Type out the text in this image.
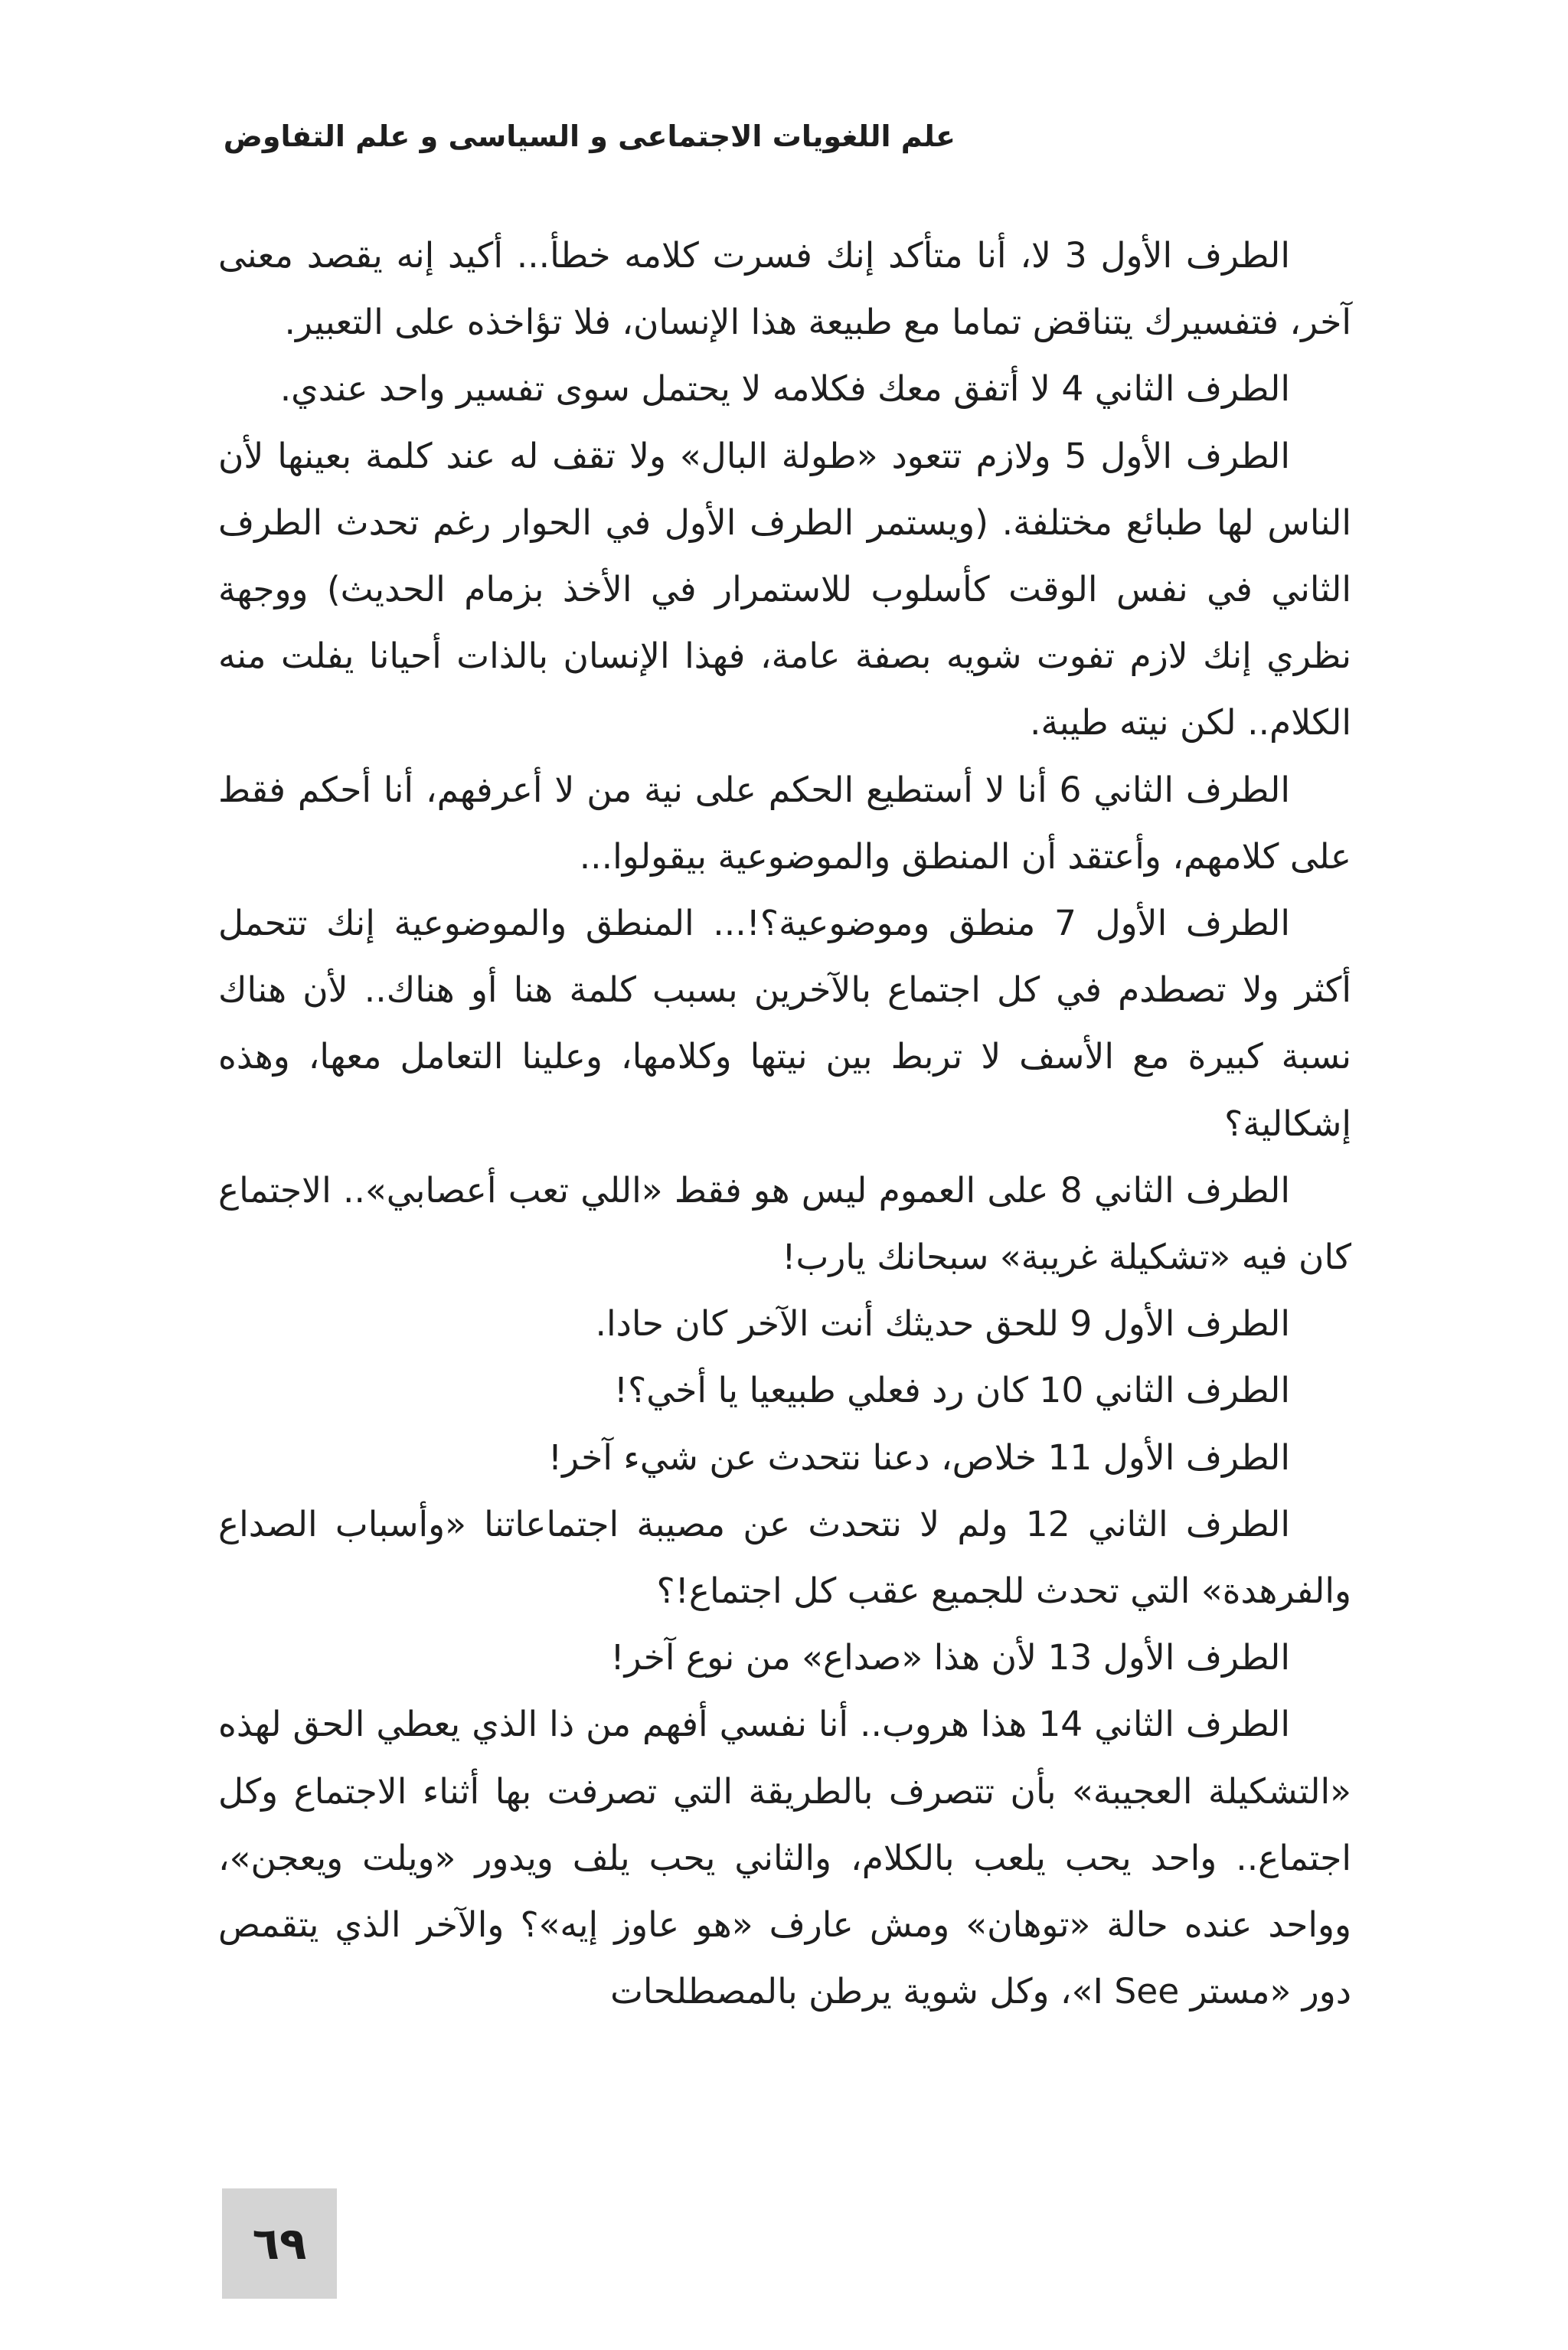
علم اللغويات الاجتماعى و السياسى و علم التفاوض

الطرف الأول 3 لا، أنا متأكد إنك فسرت كلامه خطأ... أكيد إنه يقصد معنى آخر، فتفسيرك يتناقض تماما مع طبيعة هذا الإنسان، فلا تؤاخذه على التعبير.

الطرف الثاني 4 لا أتفق معك فكلامه لا يحتمل سوى تفسير واحد عندي.

الطرف الأول 5 ولازم تتعود «طولة البال» ولا تقف له عند كلمة بعينها لأن الناس لها طبائع مختلفة. (ويستمر الطرف الأول في الحوار رغم تحدث الطرف الثاني في نفس الوقت كأسلوب للاستمرار في الأخذ بزمام الحديث) ووجهة نظري إنك لازم تفوت شويه بصفة عامة، فهذا الإنسان بالذات أحيانا يفلت منه الكلام.. لكن نيته طيبة.

الطرف الثاني 6 أنا لا أستطيع الحكم على نية من لا أعرفهم، أنا أحكم فقط على كلامهم، وأعتقد أن المنطق والموضوعية بيقولوا...

الطرف الأول 7 منطق وموضوعية؟!... المنطق والموضوعية إنك تتحمل أكثر ولا تصطدم في كل اجتماع بالآخرين بسبب كلمة هنا أو هناك.. لأن هناك نسبة كبيرة مع الأسف لا تربط بين نيتها وكلامها، وعلينا التعامل معها، وهذه إشكالية؟

الطرف الثاني 8 على العموم ليس هو فقط «اللي تعب أعصابي».. الاجتماع كان فيه «تشكيلة غريبة» سبحانك يارب!

الطرف الأول 9 للحق حديثك أنت الآخر كان حادا.

الطرف الثاني 10 كان رد فعلي طبيعيا يا أخي؟!

الطرف الأول 11 خلاص، دعنا نتحدث عن شيء آخر!

الطرف الثاني 12 ولم لا نتحدث عن مصيبة اجتماعاتنا «وأسباب الصداع والفرهدة» التي تحدث للجميع عقب كل اجتماع!؟

الطرف الأول 13 لأن هذا «صداع» من نوع آخر!

الطرف الثاني 14 هذا هروب.. أنا نفسي أفهم من ذا الذي يعطي الحق لهذه «التشكيلة العجيبة» بأن تتصرف بالطريقة التي تصرفت بها أثناء الاجتماع وكل اجتماع.. واحد يحب يلعب بالكلام، والثاني يحب يلف ويدور «ويلت ويعجن»، وواحد عنده حالة «توهان» ومش عارف «هو عاوز إيه»؟ والآخر الذي يتقمص دور «مستر I See»، وكل شوية يرطن بالمصطلحات

٦٩
